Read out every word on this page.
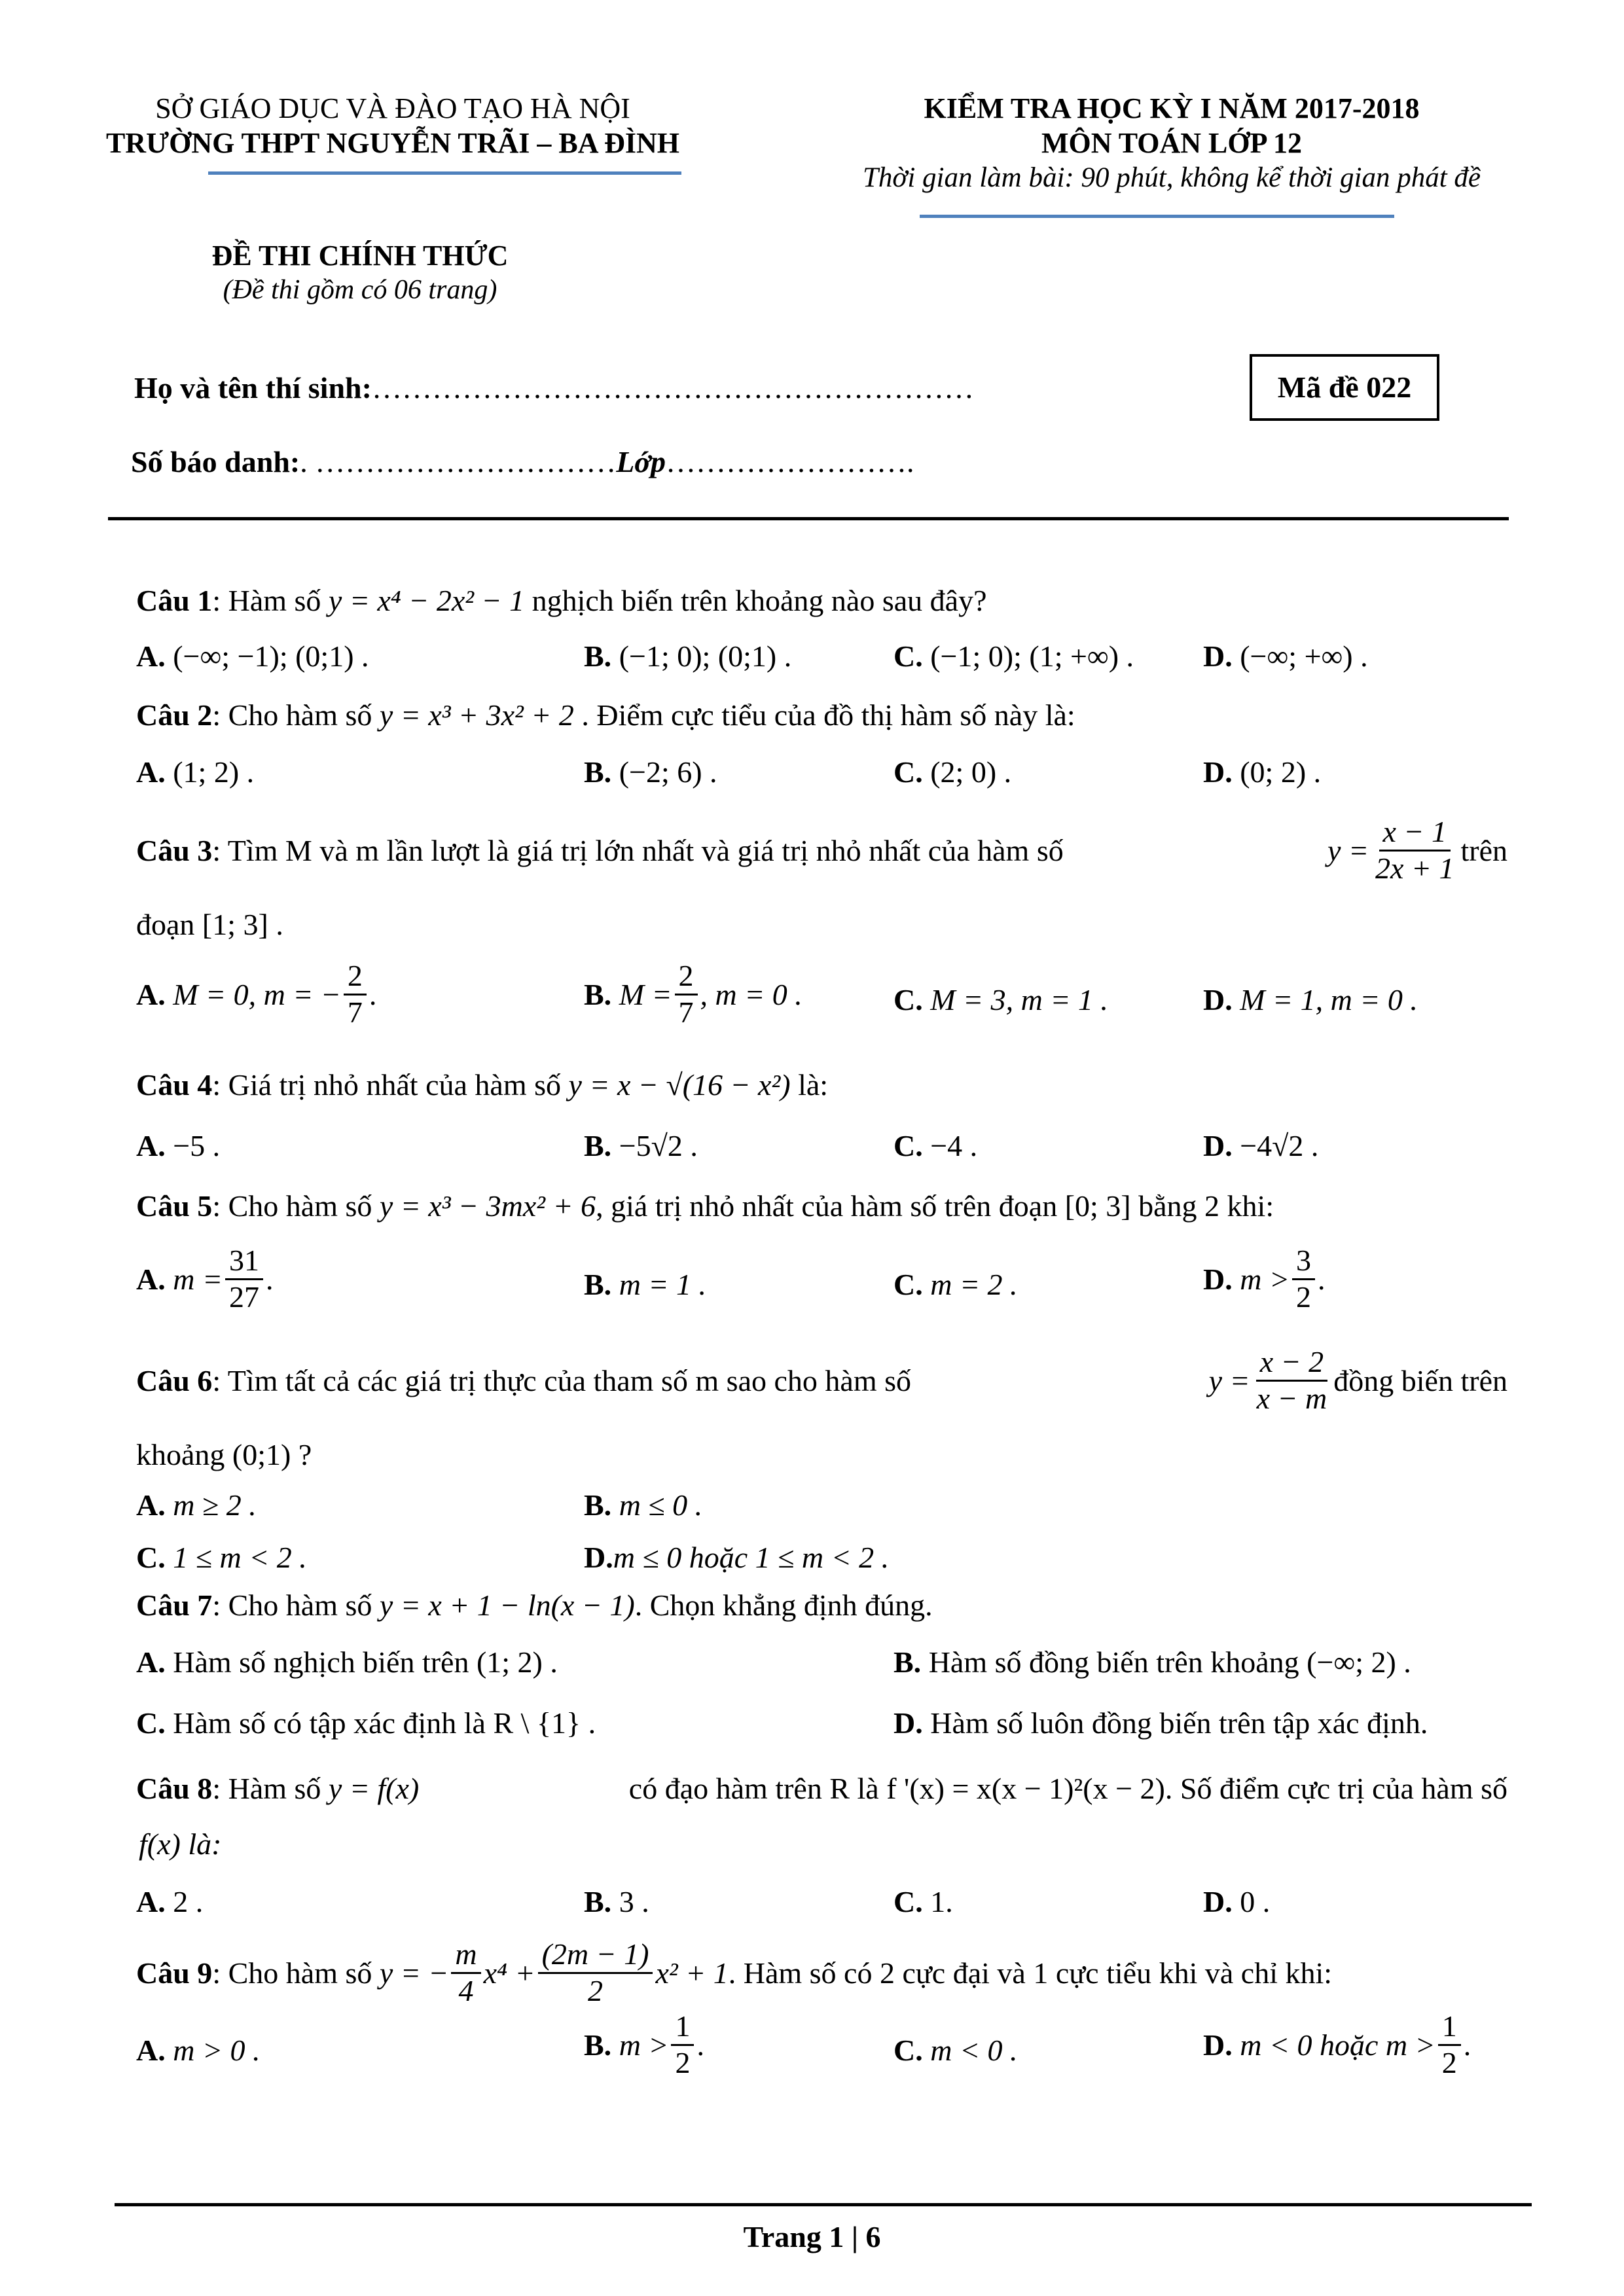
SỞ GIÁO DỤC VÀ ĐÀO TẠO HÀ NỘI
TRƯỜNG THPT NGUYỄN TRÃI – BA ĐÌNH
KIỂM TRA HỌC KỲ I NĂM 2017-2018
MÔN TOÁN LỚP 12
Thời gian làm bài: 90 phút, không kể thời gian phát đề
ĐỀ THI CHÍNH THỨC
(Đề thi gồm có 06 trang)
Họ và tên thí sinh:……………………………………………………	Mã đề 022
Số báo danh:. …………………………Lớp…………………….
Câu 1: Hàm số y = x⁴ − 2x² − 1 nghịch biến trên khoảng nào sau đây?
A. (−∞; −1); (0;1) .	B. (−1; 0); (0;1) .	C. (−1; 0); (1; +∞) . D. (−∞; +∞) .
Câu 2: Cho hàm số y = x³ + 3x² + 2 . Điểm cực tiểu của đồ thị hàm số này là:
A. (1; 2) .	B. (−2; 6) .	C. (2; 0) .	D. (0; 2) .
Câu 3: Tìm M và m lần lượt là giá trị lớn nhất và giá trị nhỏ nhất của hàm số	$y = \frac{x - 1}{2x + 1}$ trên
đoạn [1; 3] .
A.
M = 0, m = − $\frac{2}{7}$ .	B.
$M = \frac{2}{7}$ , m = 0 .	C. M = 3, m = 1 .	D. M = 1, m = 0 .
Câu 4: Giá trị nhỏ nhất của hàm số y = x − √(16 − x²) là:
A. −5 .	B. −5√2 .	C. −4 .	D. −4√2 .
Câu 5: Cho hàm số y = x³ − 3mx² + 6, giá trị nhỏ nhất của hàm số trên đoạn [0; 3] bằng 2 khi:
A.
$m = \frac{31}{27}$ .	B. m = 1 .	C. m = 2 .	D.
$m > \frac{3}{2}$ .
Câu 6: Tìm tất cả các giá trị thực của tham số m sao cho hàm số	$y = \frac{x - 2}{x - m}$ đồng biến trên
khoảng (0;1) ?
A. m ≥ 2 .	B. m ≤ 0 .
C. 1 ≤ m < 2 .	D.m ≤ 0 hoặc 1 ≤ m < 2 .
Câu 7: Cho hàm số y = x + 1 − ln(x − 1). Chọn khẳng định đúng.
A. Hàm số nghịch biến trên (1; 2) .	B. Hàm số đồng biến trên khoảng (−∞; 2) .
C. Hàm số có tập xác định là R \ {1} .	D. Hàm số luôn đồng biến trên tập xác định.
Câu 8: Hàm số y = f(x)	có đạo hàm trên R là f '(x) = x(x − 1)²(x − 2). Số điểm cực trị của hàm số
f(x) là:
A. 2 .	B. 3 .	C. 1.	D. 0 .
Câu 9 : Cho hàm số y = − $\frac{m}{4} x^4 + \frac{(2m - 1)}{2} x^2 + 1$ . Hàm số có 2 cực đại và 1 cực tiểu khi và chỉ khi:
A. m > 0 .	B.
$m > \frac{1}{2}$ .	C. m < 0 .	D.
m < 0 hoặc $m > \frac{1}{2}$ .
Trang 1 | 6
